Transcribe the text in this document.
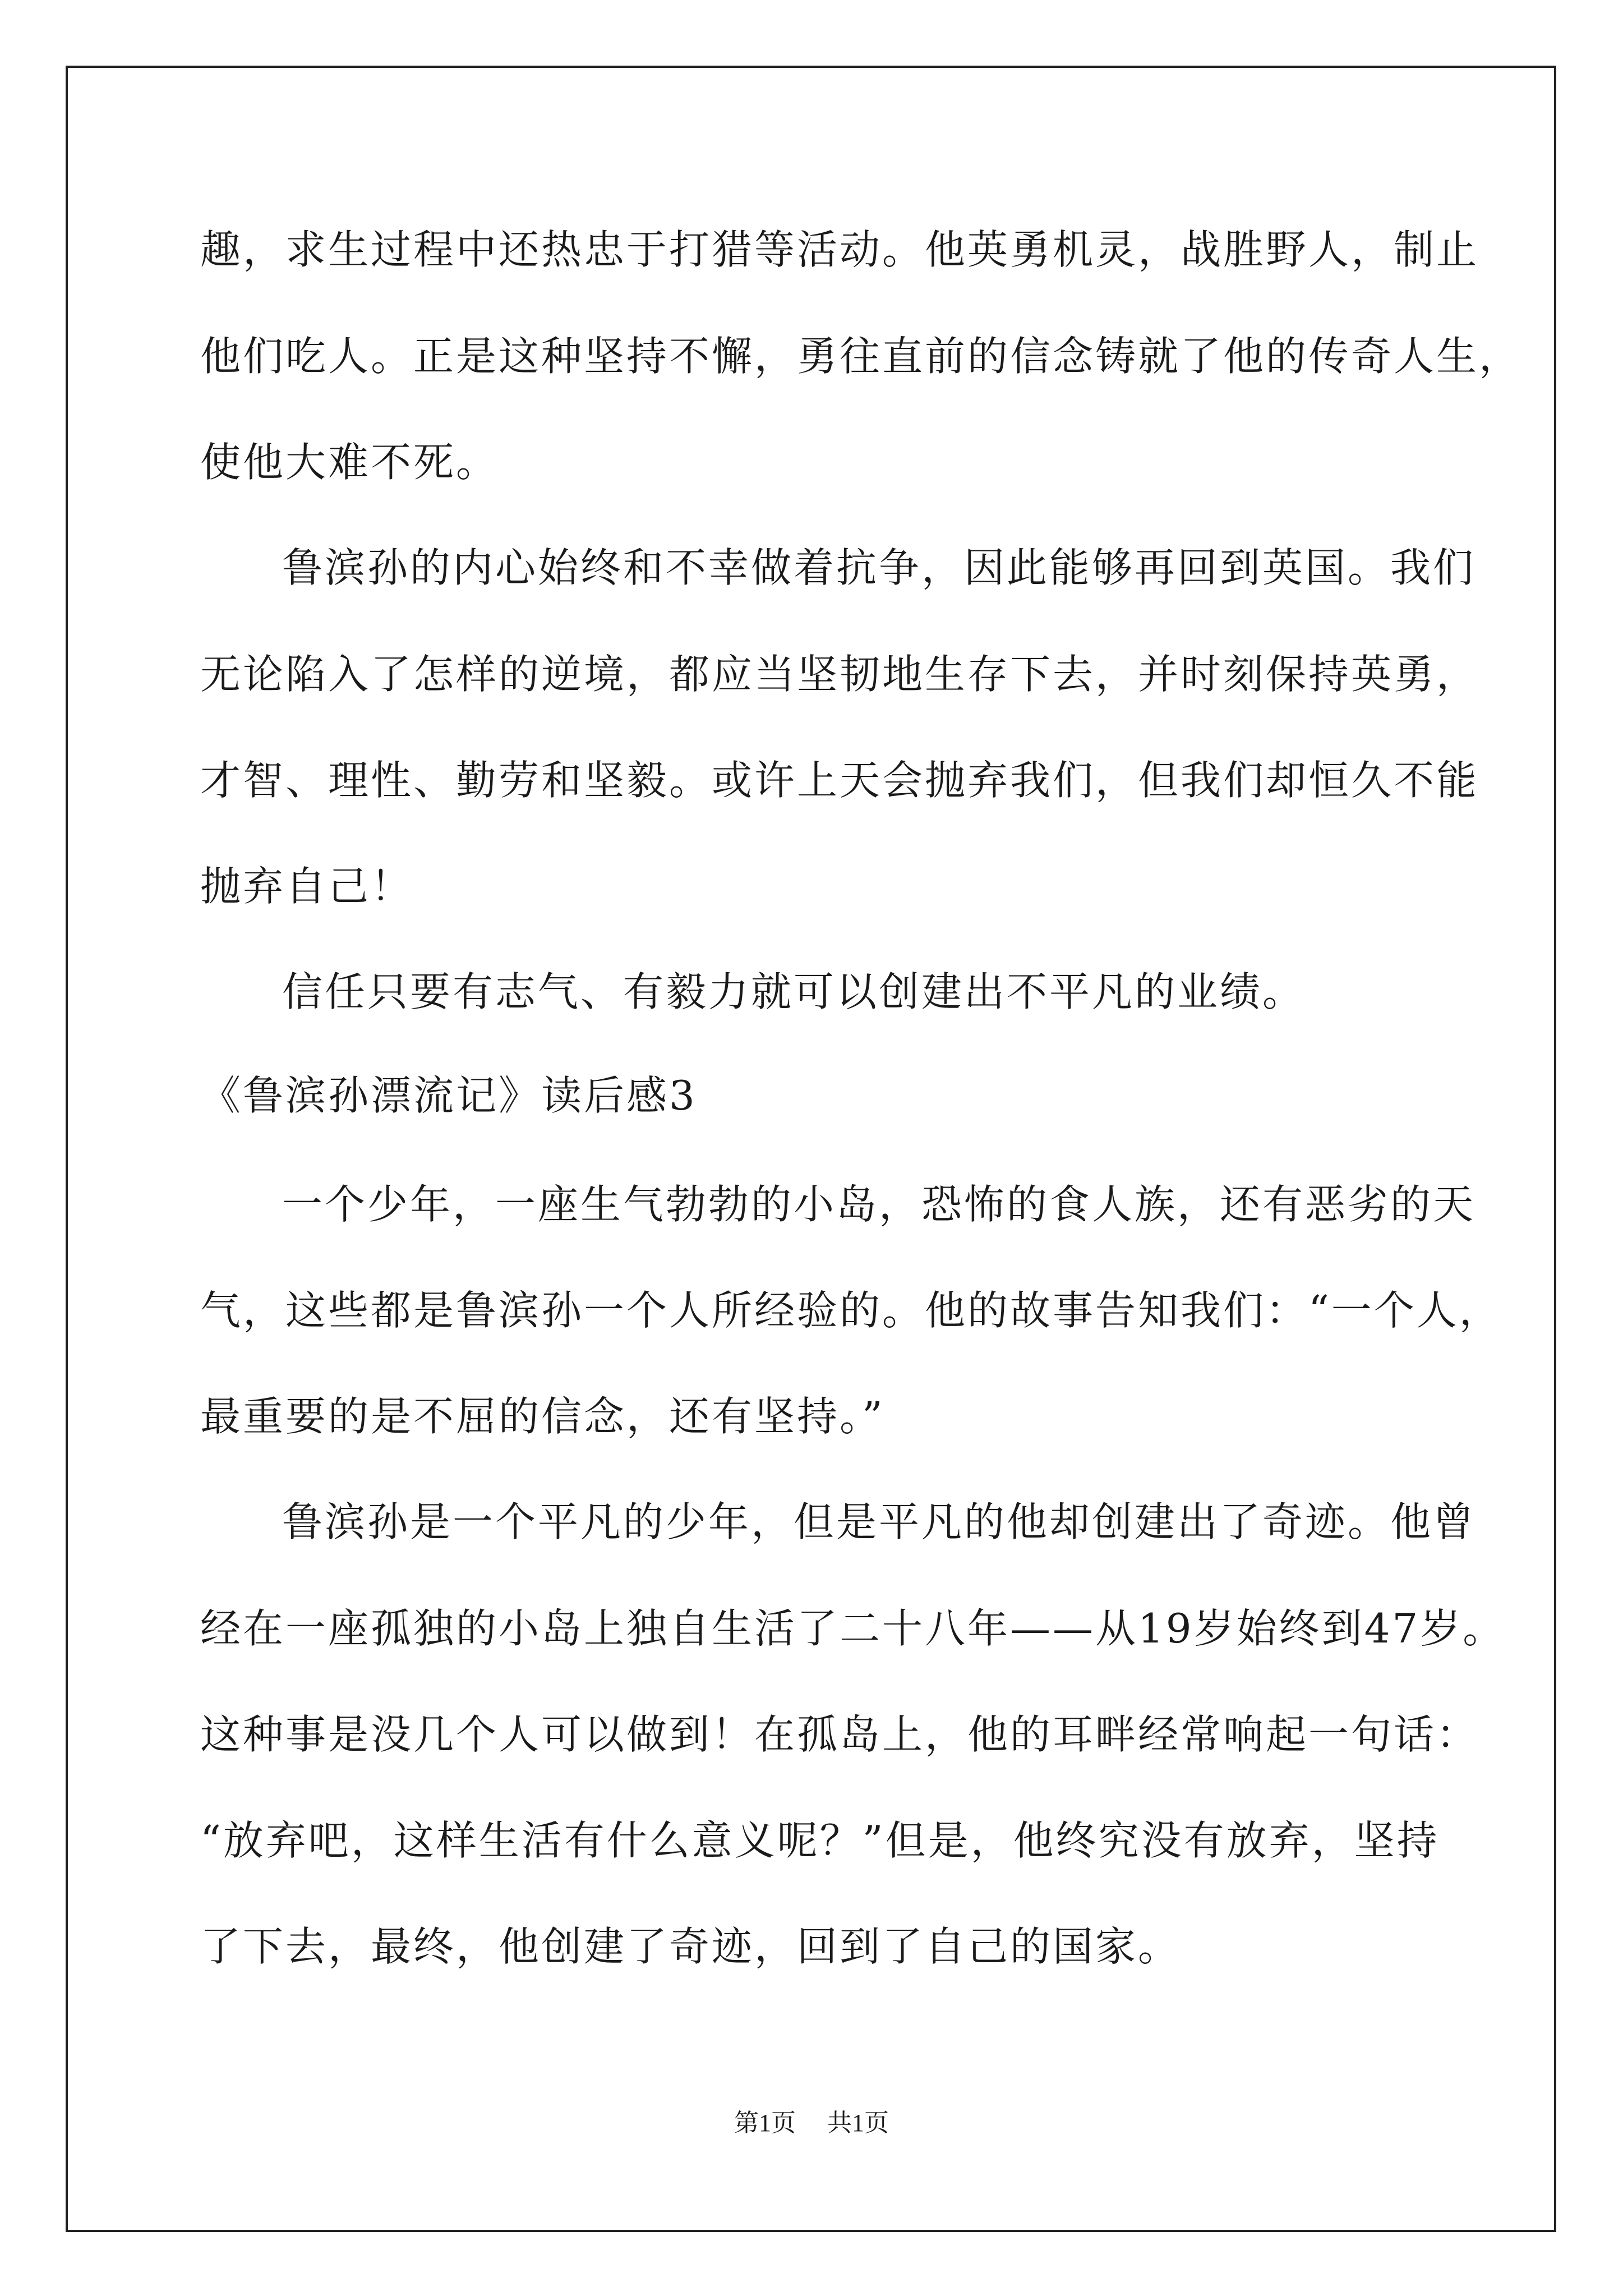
趣，求生过程中还热忠于打猎等活动。他英勇机灵，战胜野人，制止
他们吃人。正是这种坚持不懈，勇往直前的信念铸就了他的传奇人生，
使他大难不死。
鲁滨孙的内心始终和不幸做着抗争，因此能够再回到英国。我们
无论陷入了怎样的逆境，都应当坚韧地生存下去，并时刻保持英勇，
才智、理性、勤劳和坚毅。或许上天会抛弃我们，但我们却恒久不能
抛弃自己！
信任只要有志气、有毅力就可以创建出不平凡的业绩。
《鲁滨孙漂流记》读后感3
一个少年，一座生气勃勃的小岛，恐怖的食人族，还有恶劣的天
气，这些都是鲁滨孙一个人所经验的。他的故事告知我们：“一个人，
最重要的是不屈的信念，还有坚持。”
鲁滨孙是一个平凡的少年，但是平凡的他却创建出了奇迹。他曾
经在一座孤独的小岛上独自生活了二十八年——从19岁始终到47岁。
这种事是没几个人可以做到！在孤岛上，他的耳畔经常响起一句话：
“放弃吧，这样生活有什么意义呢？”但是，他终究没有放弃，坚持
了下去，最终，他创建了奇迹，回到了自己的国家。
第1页 共1页
